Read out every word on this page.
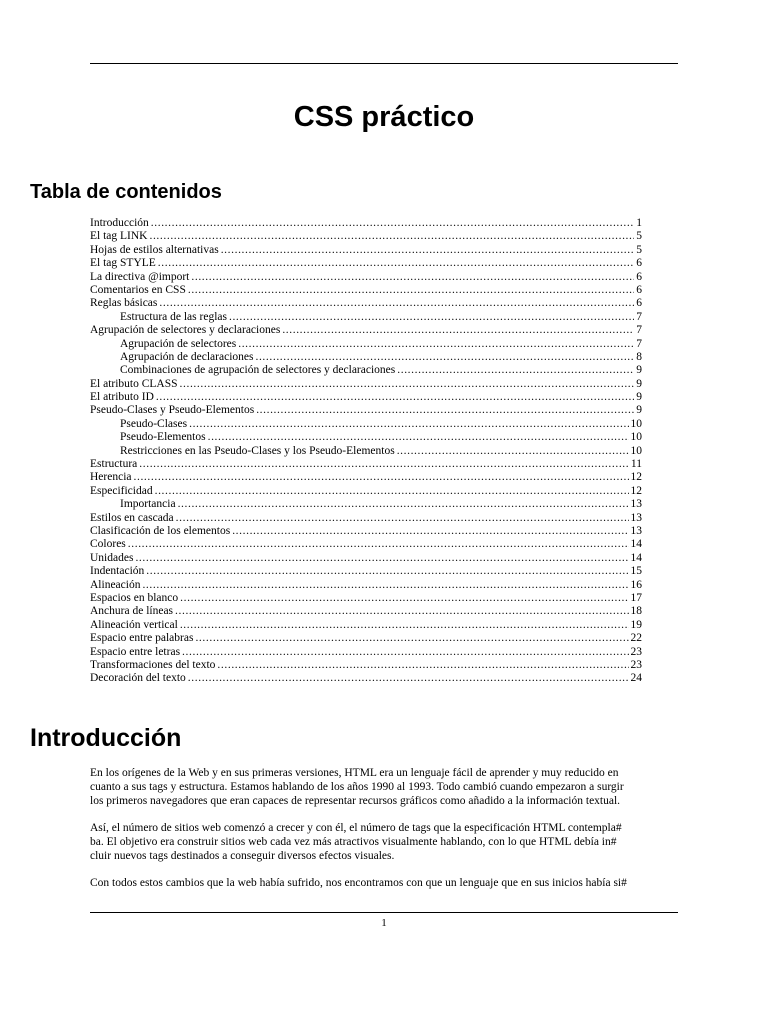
CSS práctico
Tabla de contenidos
Introducción .....	1
El tag LINK .....	5
Hojas de estilos alternativas .....	5
El tag STYLE .....	6
La directiva @import .....	6
Comentarios en CSS .....	6
Reglas básicas .....	6
Estructura de las reglas .....	7
Agrupación de selectores y declaraciones .....	7
Agrupación de selectores .....	7
Agrupación de declaraciones .....	8
Combinaciones de agrupación de selectores y declaraciones .....	9
El atributo CLASS .....	9
El atributo ID .....	9
Pseudo-Clases y Pseudo-Elementos .....	9
Pseudo-Clases .....	10
Pseudo-Elementos .....	10
Restricciones en las Pseudo-Clases y los Pseudo-Elementos .....	10
Estructura .....	11
Herencia .....	12
Especificidad .....	12
Importancia .....	13
Estilos en cascada .....	13
Clasificación de los elementos .....	13
Colores .....	14
Unidades .....	14
Indentación .....	15
Alineación .....	16
Espacios en blanco .....	17
Anchura de líneas .....	18
Alineación vertical .....	19
Espacio entre palabras .....	22
Espacio entre letras .....	23
Transformaciones del texto .....	23
Decoración del texto .....	24
Introducción

En los orígenes de la Web y en sus primeras versiones, HTML era un lenguaje fácil de aprender y muy reducido en
cuanto a sus tags y estructura. Estamos hablando de los años 1990 al 1993. Todo cambió cuando empezaron a surgir
los primeros navegadores que eran capaces de representar recursos gráficos como añadido a la información textual.

Así, el número de sitios web comenzó a crecer y con él, el número de tags que la especificación HTML contempla#
ba. El objetivo era construir sitios web cada vez más atractivos visualmente hablando, con lo que HTML debía in#
cluir nuevos tags destinados a conseguir diversos efectos visuales.

Con todos estos cambios que la web había sufrido, nos encontramos con que un lenguaje que en sus inicios había si#

1
